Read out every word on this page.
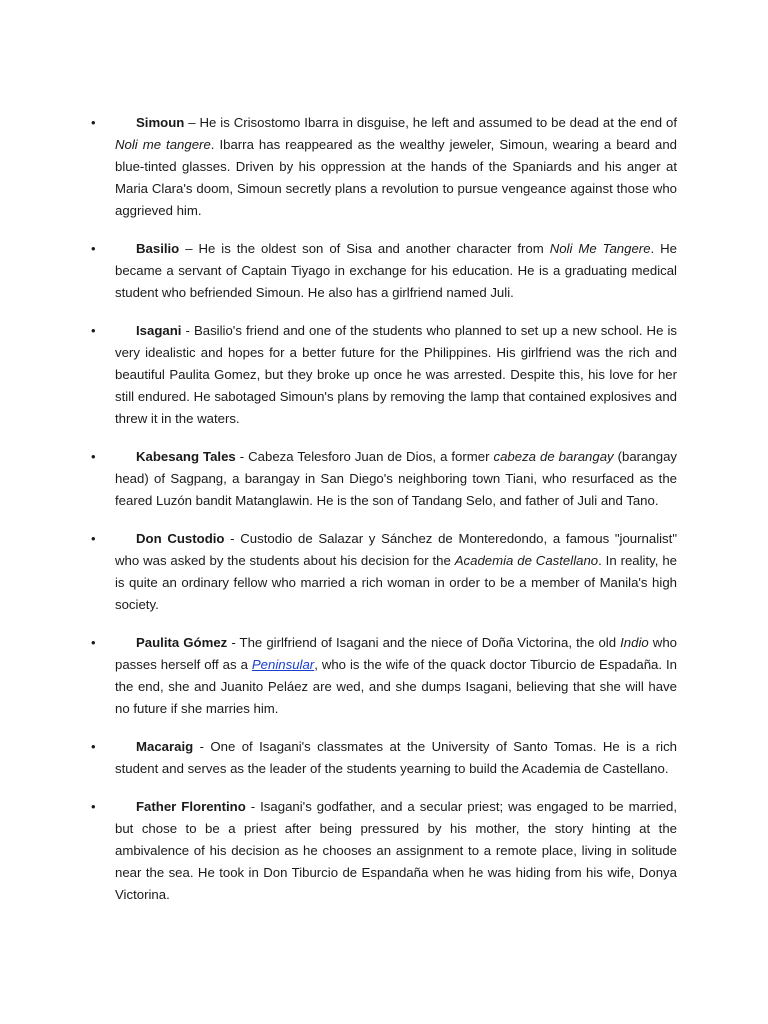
•	Simoun – He is Crisostomo Ibarra in disguise, he left and assumed to be dead at the end of Noli me tangere. Ibarra has reappeared as the wealthy jeweler, Simoun, wearing a beard and blue-tinted glasses. Driven by his oppression at the hands of the Spaniards and his anger at Maria Clara's doom, Simoun secretly plans a revolution to pursue vengeance against those who aggrieved him.
•	Basilio – He is the oldest son of Sisa and another character from Noli Me Tangere. He became a servant of Captain Tiyago in exchange for his education. He is a graduating medical student who befriended Simoun. He also has a girlfriend named Juli.
•	Isagani - Basilio's friend and one of the students who planned to set up a new school. He is very idealistic and hopes for a better future for the Philippines. His girlfriend was the rich and beautiful Paulita Gomez, but they broke up once he was arrested. Despite this, his love for her still endured. He sabotaged Simoun's plans by removing the lamp that contained explosives and threw it in the waters.
•	Kabesang Tales - Cabeza Telesforo Juan de Dios, a former cabeza de barangay (barangay head) of Sagpang, a barangay in San Diego's neighboring town Tiani, who resurfaced as the feared Luzón bandit Matanglawin. He is the son of Tandang Selo, and father of Juli and Tano.
•	Don Custodio - Custodio de Salazar y Sánchez de Monteredondo, a famous "journalist" who was asked by the students about his decision for the Academia de Castellano. In reality, he is quite an ordinary fellow who married a rich woman in order to be a member of Manila's high society.
•	Paulita Gómez - The girlfriend of Isagani and the niece of Doña Victorina, the old Indio who passes herself off as a Peninsular, who is the wife of the quack doctor Tiburcio de Espadaña. In the end, she and Juanito Peláez are wed, and she dumps Isagani, believing that she will have no future if she marries him.
•	Macaraig - One of Isagani's classmates at the University of Santo Tomas. He is a rich student and serves as the leader of the students yearning to build the Academia de Castellano.
•	Father Florentino - Isagani's godfather, and a secular priest; was engaged to be married, but chose to be a priest after being pressured by his mother, the story hinting at the ambivalence of his decision as he chooses an assignment to a remote place, living in solitude near the sea. He took in Don Tiburcio de Espandaña when he was hiding from his wife, Donya Victorina.
